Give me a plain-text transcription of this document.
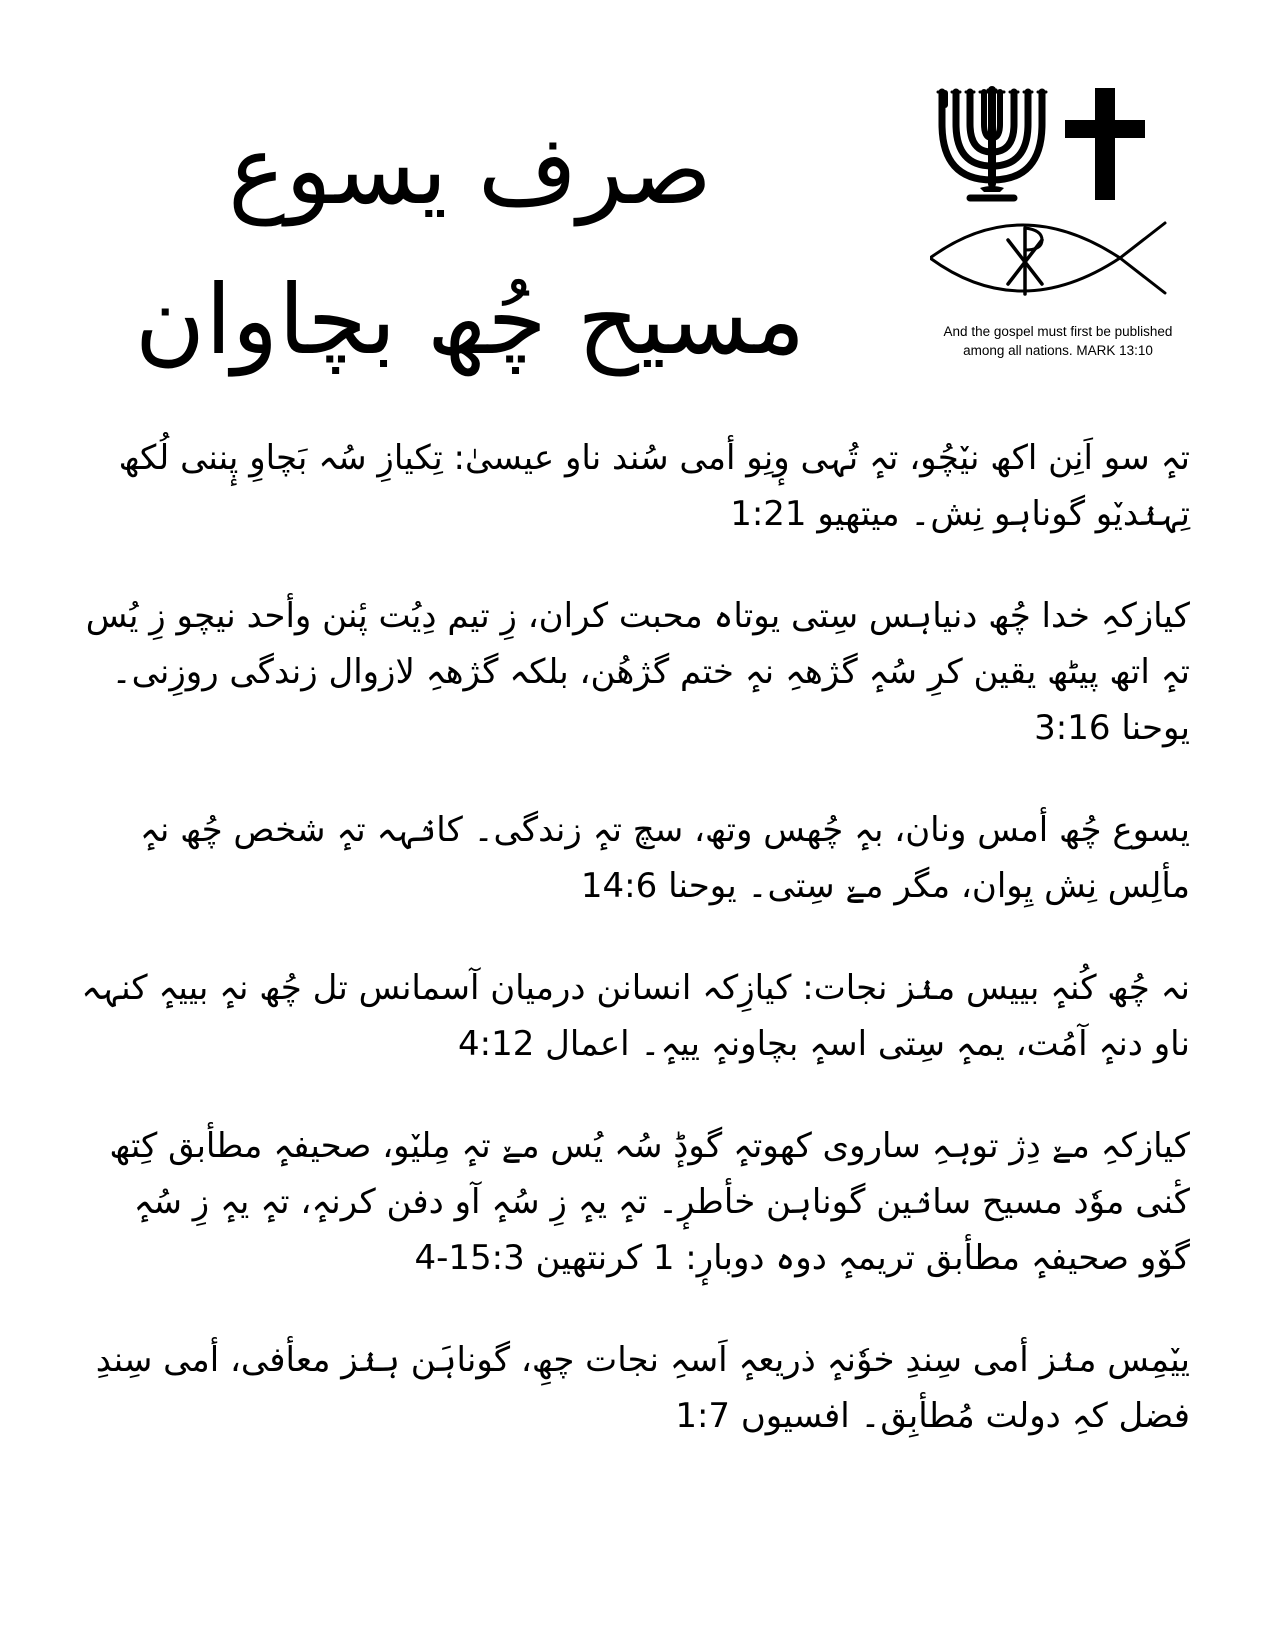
صرف یسوع
مسیح چُھ بچاوان	And the gospel must first be published
among all nations. MARK 13:10

تہٕ سو اَنِن اکھ نیٚچُو، تہٕ تُہی وٕنِو أمی سُند ناو عیسیٰ: تِکیازِ سُہ بَچاوِ پٕننی لُکھ تِہنٛدیٚو گوناہو نِش۔ میتھیو 1:21

کیازکہِ خدا چُھ دنیاہس سِتی یوتاہ محبت کران، زِ تیم دِیُت پٔنن وأحد نیچو زِ یُس تہٕ اتھ پیٹھ یقین کرِ سُہٕ گژھہِ نہٕ ختم گژھُن، بلکہ گژھہِ لازوال زندگی روزِنی۔ یوحنا 3:16

یسوع چُھ أمس ونان، بہٕ چُھس وتھ، سچ تہٕ زندگی۔ کانٛہہ تہٕ شخص چُھ نہٕ مألِس نِش یِوان، مگر مےٚ سِتی۔ یوحنا 14:6

نہ چُھ کُنہٕ بییس منٛز نجات: کیازِکہ انسانن درمیان آسمانس تل چُھ نہٕ بییہٕ کنہہ ناو دنہٕ آمُت، یمہٕ سِتی اسہٕ بچاونہٕ ییہٕ۔ اعمال 4:12

کیازکہِ مےٚ دِژ توہہِ ساروی کھوتہٕ گوڈٕ سُہ یُس مےٚ تہٕ مِلیٚو، صحیفہٕ مطأبق کِتھ کٔنی موٗد مسیح سانٛین گوناہن خأطرٕ۔ تہٕ یہٕ زِ سُہٕ آو دفن کرنہٕ، تہٕ یہٕ زِ سُہٕ گوٚو صحیفہٕ مطأبق تریمہٕ دوہ دوبارٕ: 1 کرنتھین 15:3-4

ییٚمِس منٛز أمی سِندِ خوٗنہٕ ذریعہٕ اَسہِ نجات چھِ، گوناہَن ہنٛز معأفی، أمی سِندِ فضل کہِ دولت مُطأبِق۔ افسیوں 1:7
